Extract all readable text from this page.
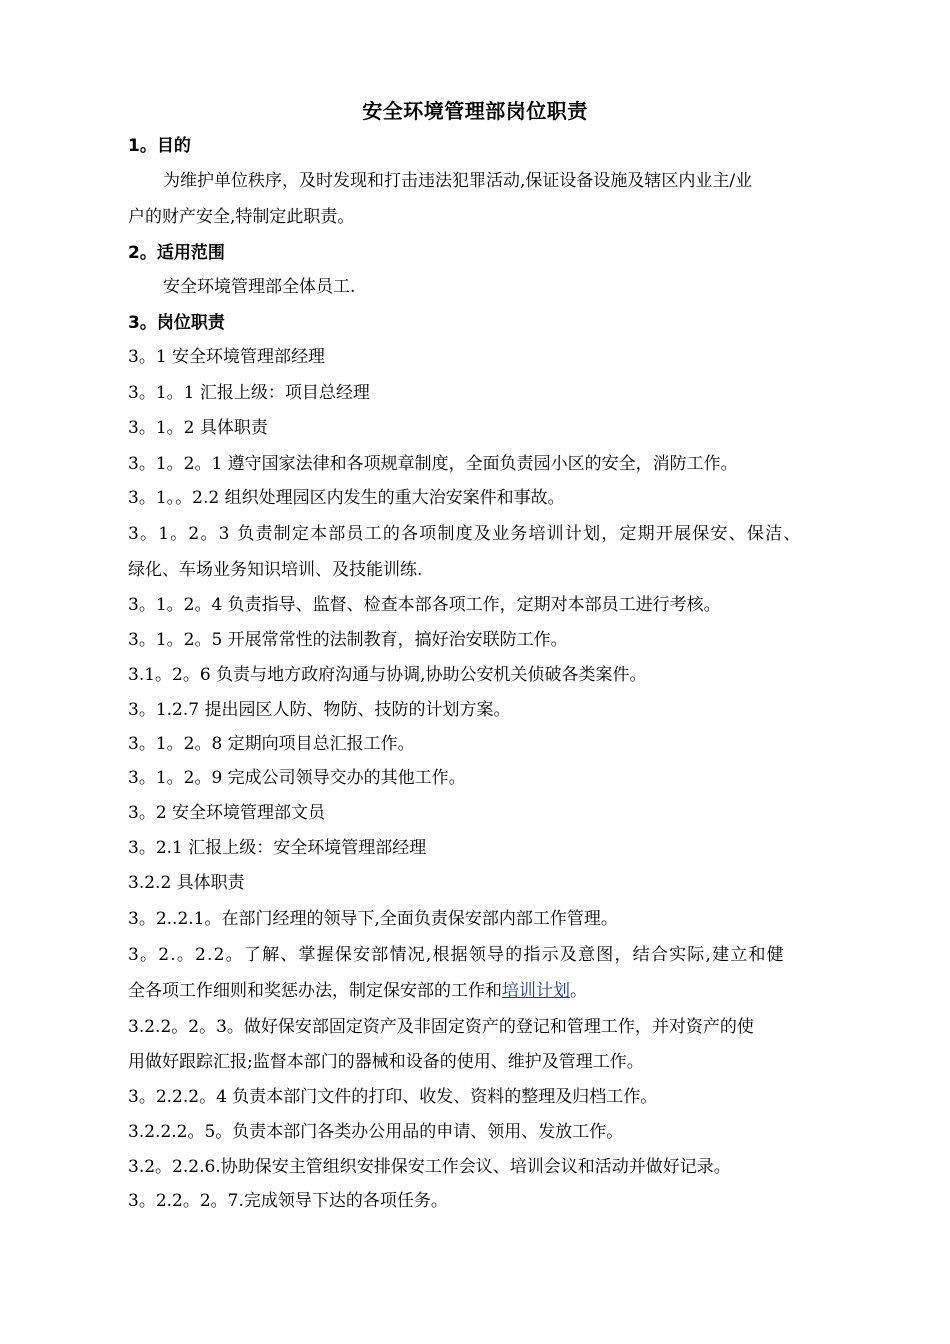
安全环境管理部岗位职责
1。目的
为维护单位秩序，及时发现和打击违法犯罪活动,保证设备设施及辖区内业主/业
户的财产安全,特制定此职责。
2。适用范围
安全环境管理部全体员工.
3。岗位职责
3。1 安全环境管理部经理
3。1。1 汇报上级：项目总经理
3。1。2 具体职责
3。1。2。1 遵守国家法律和各项规章制度，全面负责园小区的安全，消防工作。
3。1。。2.2 组织处理园区内发生的重大治安案件和事故。
3。1。2。3 负责制定本部员工的各项制度及业务培训计划，定期开展保安、保洁、
绿化、车场业务知识培训、及技能训练.
3。1。2。4 负责指导、监督、检查本部各项工作，定期对本部员工进行考核。
3。1。2。5 开展常常性的法制教育，搞好治安联防工作。
3.1。2。6 负责与地方政府沟通与协调,协助公安机关侦破各类案件。
3。1.2.7 提出园区人防、物防、技防的计划方案。
3。1。2。8 定期向项目总汇报工作。
3。1。2。9 完成公司领导交办的其他工作。
3。2 安全环境管理部文员
3。2.1 汇报上级：安全环境管理部经理
3.2.2 具体职责
3。2..2.1。在部门经理的领导下,全面负责保安部内部工作管理。
3。2.。2.2。了解、掌握保安部情况,根据领导的指示及意图，结合实际,建立和健
全各项工作细则和奖惩办法，制定保安部的工作和培训计划。
3.2.2。2。3。做好保安部固定资产及非固定资产的登记和管理工作，并对资产的使
用做好跟踪汇报;监督本部门的器械和设备的使用、维护及管理工作。
3。2.2.2。4 负责本部门文件的打印、收发、资料的整理及归档工作。
3.2.2.2。5。负责本部门各类办公用品的申请、领用、发放工作。
3.2。2.2.6.协助保安主管组织安排保安工作会议、培训会议和活动并做好记录。
3。2.2。2。7.完成领导下达的各项任务。
